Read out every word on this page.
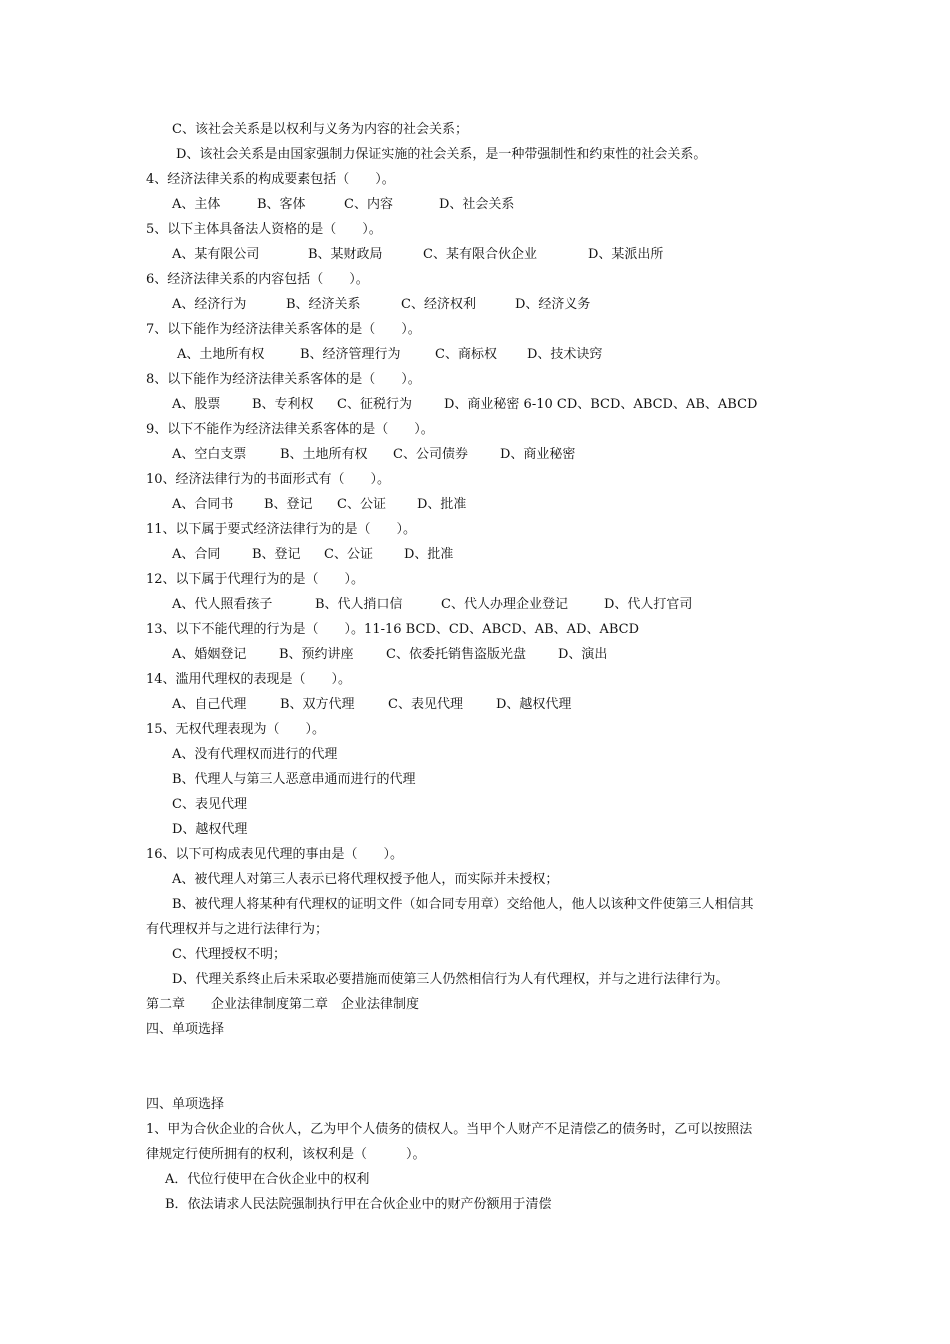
C、该社会关系是以权利与义务为内容的社会关系；
D、该社会关系是由国家强制力保证实施的社会关系，是一种带强制性和约束性的社会关系。
4、经济法律关系的构成要素包括（　　）。
A、主体	B、客体	C、内容	D、社会关系
5、以下主体具备法人资格的是（　　）。
A、某有限公司	B、某财政局	C、某有限合伙企业	D、某派出所
6、经济法律关系的内容包括（　　）。
A、经济行为	B、经济关系	C、经济权利	D、经济义务
7、以下能作为经济法律关系客体的是（　　）。
A、土地所有权	B、经济管理行为	C、商标权 D、技术诀窍
8、以下能作为经济法律关系客体的是（　　）。
A、股票 B、专利权 C、征税行为 D、商业秘密 6-10 CD、BCD、ABCD、AB、ABCD
9、以下不能作为经济法律关系客体的是（　　）。
A、空白支票	B、土地所有权 C、公司债券 D、商业秘密
10、经济法律行为的书面形式有（　　）。
A、合同书 B、登记 C、公证 D、批准
11、以下属于要式经济法律行为的是（　　）。
A、合同 B、登记 C、公证 D、批准
12、以下属于代理行为的是（　　）。
A、代人照看孩子	B、代人捎口信	C、代人办理企业登记	D、代人打官司
13、以下不能代理的行为是（　　）。11-16 BCD、CD、ABCD、AB、AD、ABCD
A、婚姻登记	B、预约讲座 C、依委托销售盗版光盘 D、演出
14、滥用代理权的表现是（　　）。
A、自己代理	B、双方代理	C、表见代理	D、越权代理
15、无权代理表现为（　　）。
A、没有代理权而进行的代理
B、代理人与第三人恶意串通而进行的代理
C、表见代理
D、越权代理
16、以下可构成表见代理的事由是（　　）。
A、被代理人对第三人表示已将代理权授予他人，而实际并未授权；
B、被代理人将某种有代理权的证明文件（如合同专用章）交给他人，他人以该种文件使第三人相信其
有代理权并与之进行法律行为；
C、代理授权不明；
D、代理关系终止后未采取必要措施而使第三人仍然相信行为人有代理权，并与之进行法律行为。
第二章　　企业法律制度第二章　企业法律制度
四、单项选择
四、单项选择
1、甲为合伙企业的合伙人，乙为甲个人债务的债权人。当甲个人财产不足清偿乙的债务时，乙可以按照法
律规定行使所拥有的权利，该权利是（　　　）。
A．代位行使甲在合伙企业中的权利
B．依法请求人民法院强制执行甲在合伙企业中的财产份额用于清偿
